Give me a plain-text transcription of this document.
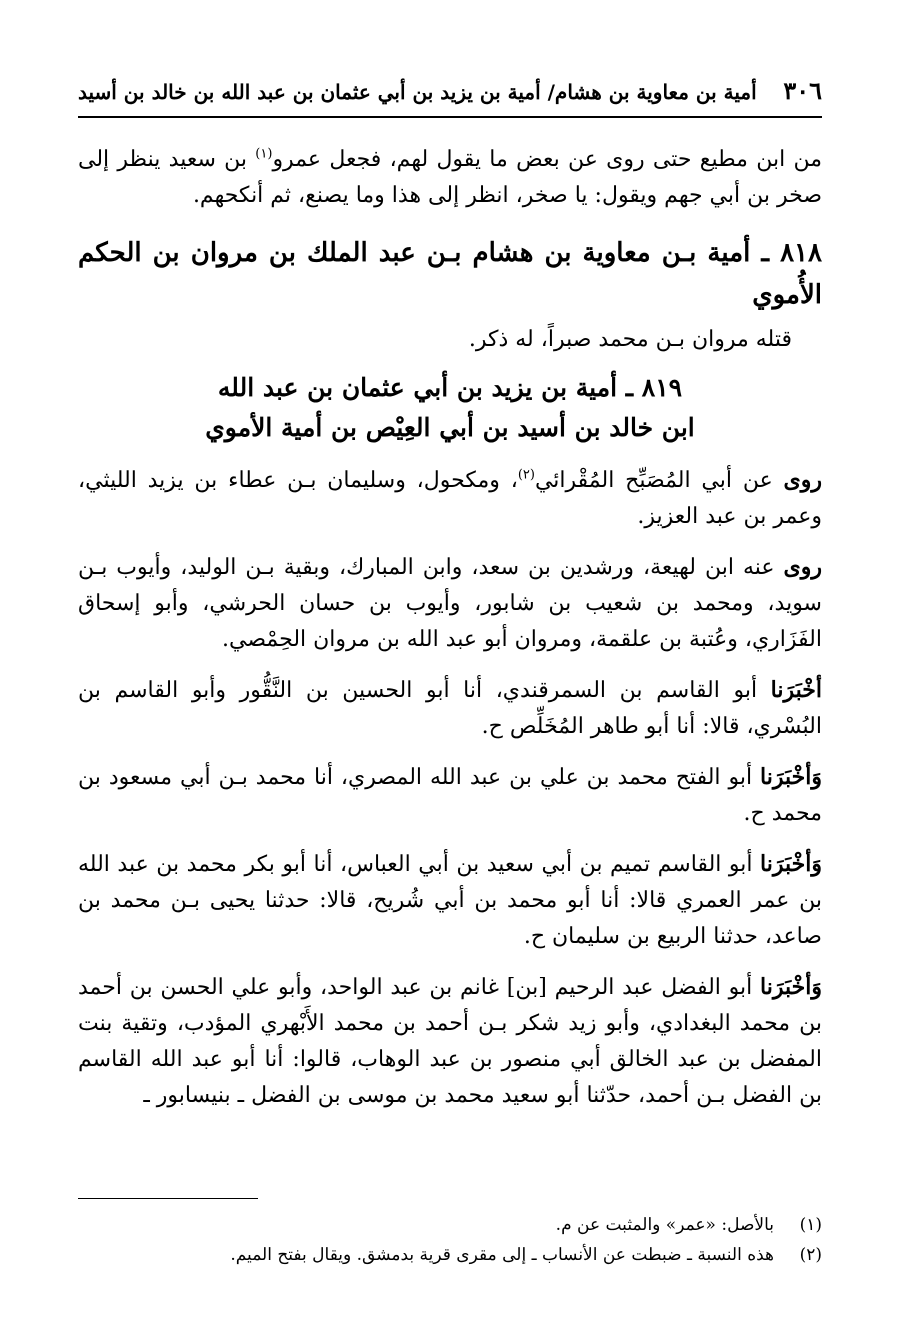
٣٠٦
أمية بن معاوية بن هشام/ أمية بن يزيد بن أبي عثمان بن عبد الله بن خالد بن أسيد

من ابن مطيع حتى روى عن بعض ما يقول لهم، فجعل عمرو$^{(١)}$ بن سعيد ينظر إلى صخر بن أبي جهم ويقول: يا صخر، انظر إلى هذا وما يصنع، ثم أنكحهم.

٨١٨ ـ أمية بـن معاوية بن هشام بـن عبد الملك بن مروان بن الحكم الأُموي

قتله مروان بـن محمد صبراً، له ذكر.

٨١٩ ـ أمية بن يزيد بن أبي عثمان بن عبد الله

ابن خالد بن أسيد بن أبي العِيْص بن أمية الأموي

روى عن أبي المُصَبِّح المُقْرائي$^{(٢)}$، ومكحول، وسليمان بـن عطاء بن يزيد الليثي، وعمر بن عبد العزيز.

روى عنه ابن لهيعة، ورشدين بن سعد، وابن المبارك، وبقية بـن الوليد، وأيوب بـن سويد، ومحمد بن شعيب بن شابور، وأيوب بن حسان الحرشي، وأبو إسحاق الفَزَاري، وعُتبة بن علقمة، ومروان أبو عبد الله بن مروان الحِمْصي.

أخْبَرَنا أبو القاسم بن السمرقندي، أنا أبو الحسين بن النَّقُّور وأبو القاسم بن البُسْري، قالا: أنا أبو طاهر المُخَلِّص ح.

وَأخْبَرَنا أبو الفتح محمد بن علي بن عبد الله المصري، أنا محمد بـن أبي مسعود بن محمد ح.

وَأخْبَرَنا أبو القاسم تميم بن أبي سعيد بن أبي العباس، أنا أبو بكر محمد بن عبد الله بن عمر العمري قالا: أنا أبو محمد بن أبي شُريح، قالا: حدثنا يحيى بـن محمد بن صاعد، حدثنا الربيع بن سليمان ح.

وَأخْبَرَنا أبو الفضل عبد الرحيم [بن] غانم بن عبد الواحد، وأبو علي الحسن بن أحمد بن محمد البغدادي، وأبو زيد شكر بـن أحمد بن محمد الأَبْهري المؤدب، وتقية بنت المفضل بن عبد الخالق أبي منصور بن عبد الوهاب، قالوا: أنا أبو عبد الله القاسم بن الفضل بـن أحمد، حدّثنا أبو سعيد محمد بن موسى بن الفضل ـ بنيسابور ـ

(١)
بالأصل: «عمر» والمثبت عن م.
(٢)
هذه النسبة ـ ضبطت عن الأنساب ـ إلى مقرى قرية بدمشق. ويقال بفتح الميم.
